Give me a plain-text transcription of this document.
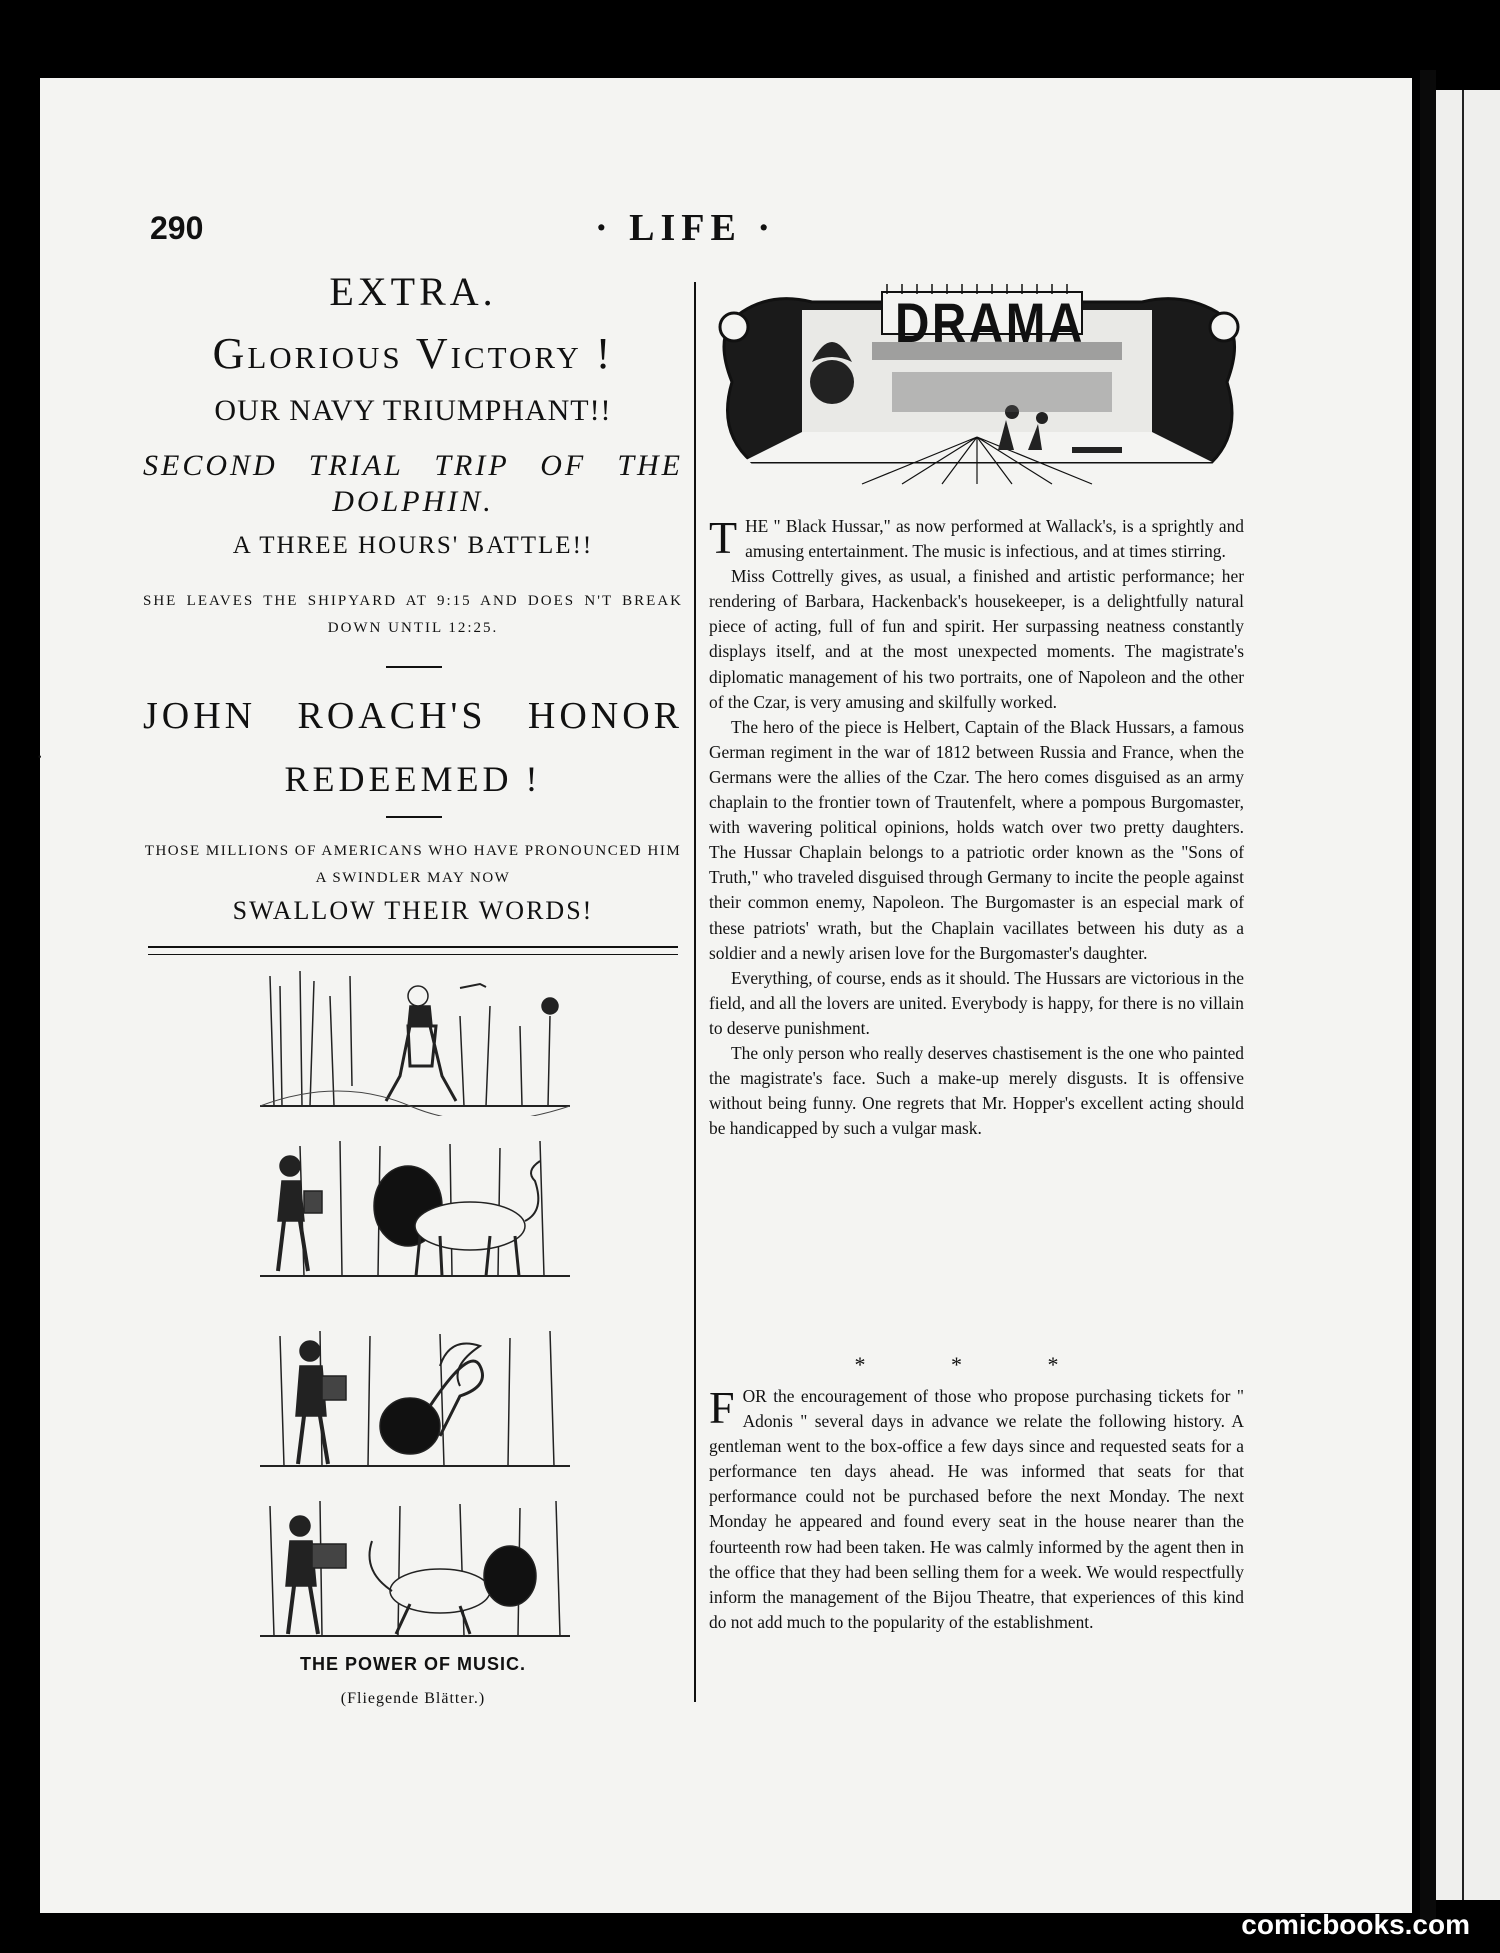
290	· LIFE ·
·
EXTRA.
Glorious Victory !
OUR NAVY TRIUMPHANT!!
SECOND TRIAL TRIP OF THE DOLPHIN.
A THREE HOURS' BATTLE!!
SHE LEAVES THE SHIPYARD AT 9:15 AND DOES N'T BREAK DOWN UNTIL 12:25.
JOHN ROACH'S HONOR
REDEEMED !
THOSE MILLIONS OF AMERICANS WHO HAVE PRONOUNCED HIM A SWINDLER MAY NOW
SWALLOW THEIR WORDS!
THE POWER OF MUSIC.
(Fliegende Blätter.)
DRAMA

THE " Black Hussar," as now performed at Wallack's, is a sprightly and amusing entertainment. The music is infectious, and at times stirring.

Miss Cottrelly gives, as usual, a finished and artistic performance; her rendering of Barbara, Hackenback's housekeeper, is a delightfully natural piece of acting, full of fun and spirit. Her surpassing neatness constantly displays itself, and at the most unexpected moments. The magistrate's diplomatic management of his two portraits, one of Napoleon and the other of the Czar, is very amusing and skilfully worked.

The hero of the piece is Helbert, Captain of the Black Hussars, a famous German regiment in the war of 1812 between Russia and France, when the Germans were the allies of the Czar. The hero comes disguised as an army chaplain to the frontier town of Trautenfelt, where a pompous Burgomaster, with wavering political opinions, holds watch over two pretty daughters. The Hussar Chaplain belongs to a patriotic order known as the "Sons of Truth," who traveled disguised through Germany to incite the people against their common enemy, Napoleon. The Burgomaster is an especial mark of these patriots' wrath, but the Chaplain vacillates between his duty as a soldier and a newly arisen love for the Burgomaster's daughter.

Everything, of course, ends as it should. The Hussars are victorious in the field, and all the lovers are united. Everybody is happy, for there is no villain to deserve punishment.

The only person who really deserves chastisement is the one who painted the magistrate's face. Such a make-up merely disgusts. It is offensive without being funny. One regrets that Mr. Hopper's excellent acting should be handicapped by such a vulgar mask.

* * *

FOR the encouragement of those who propose purchasing tickets for " Adonis " several days in advance we relate the following history. A gentleman went to the box-office a few days since and requested seats for a performance ten days ahead. He was informed that seats for that performance could not be purchased before the next Monday. The next Monday he appeared and found every seat in the house nearer than the fourteenth row had been taken. He was calmly informed by the agent then in the office that they had been selling them for a week. We would respectfully inform the management of the Bijou Theatre, that experiences of this kind do not add much to the popularity of the establishment.

comicbooks.com
